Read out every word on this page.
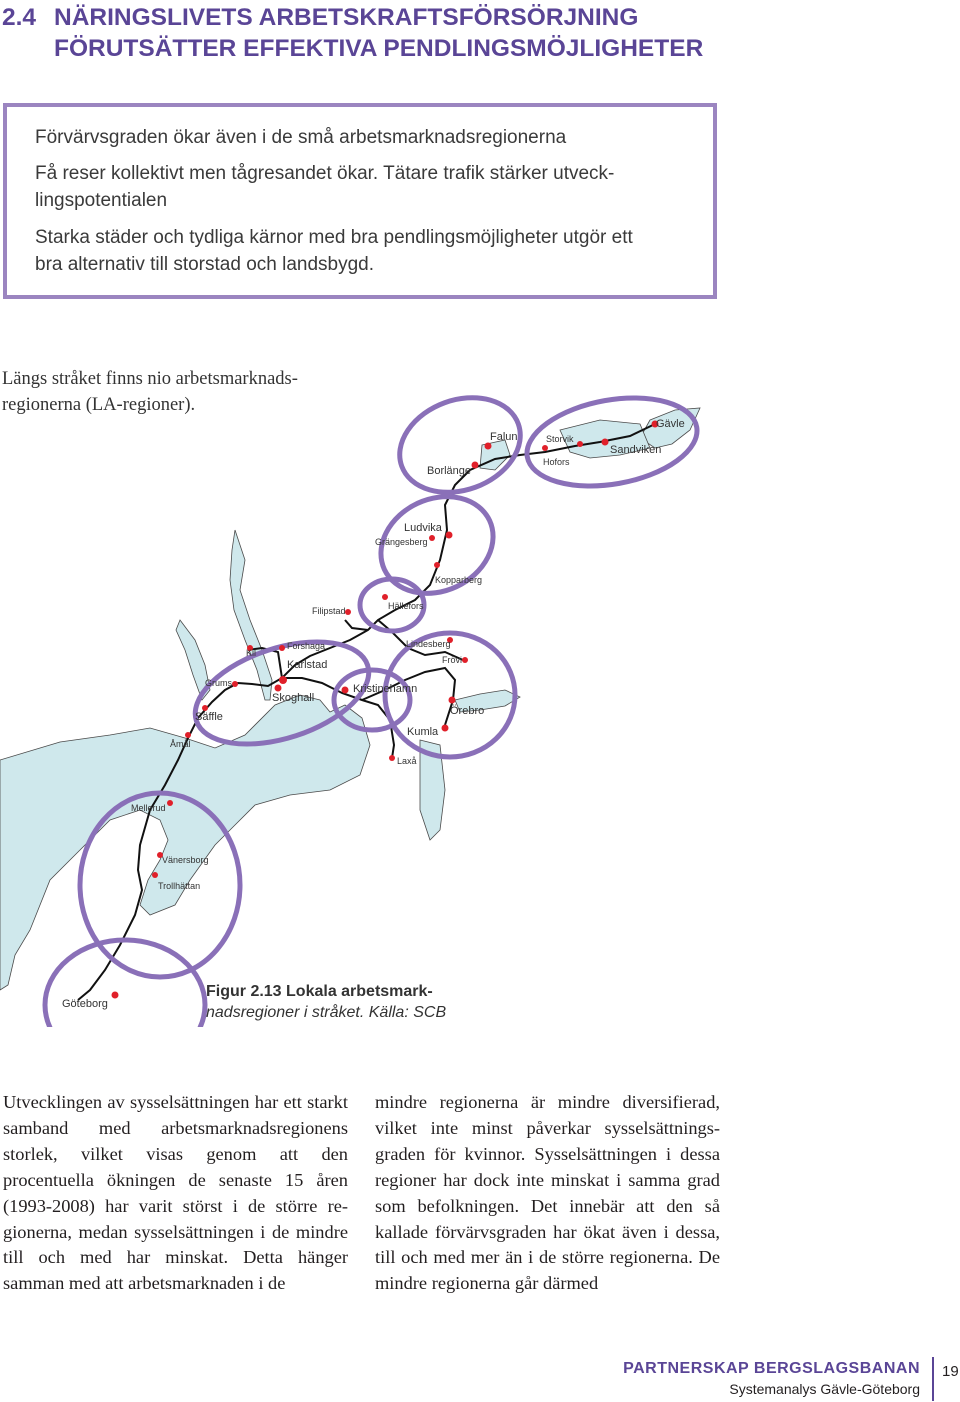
2.4 NÄRINGSLIVETS ARBETSKRAFTSFÖRSÖRJNING
FÖRUTSÄTTER EFFEKTIVA PENDLINGSMÖJLIGHETER

Förvärvsgraden ökar även i de små arbetsmarknadsregionerna

Få reser kollektivt men tågresandet ökar. Tätare trafik stärker utveck-

lingspotentialen

Starka städer och tydliga kärnor med bra pendlingsmöjligheter utgör ett

bra alternativ till storstad och landsbygd.

Längs stråket finns nio arbetsmarknads-
regionerna (LA-regioner).
Falun	Storvik
Gävle
Sandviken
Hofors
Borlänge
Ludvika
Grängesberg
Kopparberg
Hällefors
Filipstad
Kil
Forshaga
Karlstad
Lindesberg
Frövi
Grums
Skoghall
Kristinehamn
Örebro
Säffle
Åmål
Kumla
Laxå
Mellerud
Vänersborg
Trollhättan
Göteborg
Figur 2.13 Lokala arbetsmark-
nadsregioner i stråket. Källa: SCB
Utvecklingen av sysselsättningen har ett starkt samband med arbetsmarknadsregionens storlek, vilket visas genom att den procentuella ökningen de senaste 15 åren (1993-2008) har varit störst i de större regionerna, medan sysselsättningen i de mindre till och med har minskat. Detta hänger samman med att arbetsmarknaden i de
mindre regionerna är mindre diversifierad, vilket inte minst påverkar sysselsättningsgraden för kvinnor. Sysselsättningen i dessa regioner har dock inte minskat i samma grad som befolkningen. Det innebär att den så kallade förvärvsgraden har ökat även i dessa, till och med mer än i de större regionerna. De mindre regionerna går därmed
PARTNERSKAP BERGSLAGSBANAN
Systemanalys Gävle-Göteborg
19
